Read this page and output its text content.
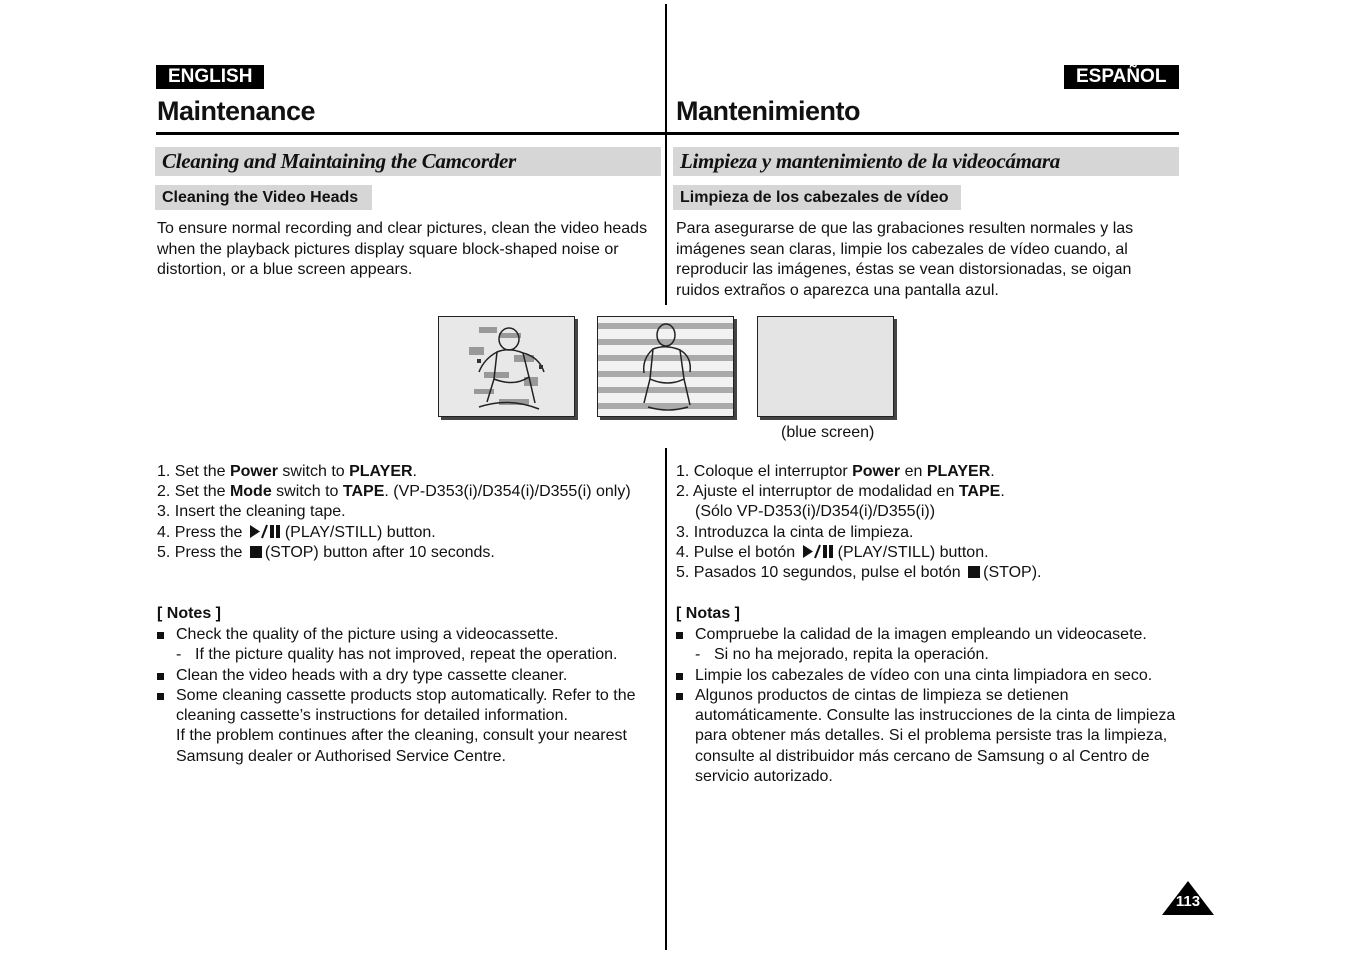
ENGLISH
Maintenance
Cleaning and Maintaining the Camcorder
Cleaning the Video Heads

To ensure normal recording and clear pictures, clean the video heads when the playback pictures display square block-shaped noise or distortion, or a blue screen appears.

ESPAÑOL
Mantenimiento
Limpieza y mantenimiento de la videocámara
Limpieza de los cabezales de vídeo

Para asegurarse de que las grabaciones resulten normales y las imágenes sean claras, limpie los cabezales de vídeo cuando, al reproducir las imágenes, éstas se vean distorsionadas, se oigan ruidos extraños o aparezca una pantalla azul.

(blue screen)
1. Set the Power switch to PLAYER.
2. Set the Mode switch to TAPE. (VP-D353(i)/D354(i)/D355(i) only)
3. Insert the cleaning tape.
4. Press the (PLAY/STILL) button.
5. Press the (STOP) button after 10 seconds.
1. Coloque el interruptor Power en PLAYER.
2. Ajuste el interruptor de modalidad en TAPE.
(Sólo VP-D353(i)/D354(i)/D355(i))
3. Introduzca la cinta de limpieza.
4. Pulse el botón (PLAY/STILL) button.
5. Pasados 10 segundos, pulse el botón (STOP).
[ Notes ]
Check the quality of the picture using a videocassette.
- If the picture quality has not improved, repeat the operation.
Clean the video heads with a dry type cassette cleaner.
Some cleaning cassette products stop automatically. Refer to the cleaning cassette’s instructions for detailed information.
If the problem continues after the cleaning, consult your nearest Samsung dealer or Authorised Service Centre.
[ Notas ]
Compruebe la calidad de la imagen empleando un videocasete.
- Si no ha mejorado, repita la operación.
Limpie los cabezales de vídeo con una cinta limpiadora en seco.
Algunos productos de cintas de limpieza se detienen automáticamente. Consulte las instrucciones de la cinta de limpieza para obtener más detalles. Si el problema persiste tras la limpieza, consulte al distribuidor más cercano de Samsung o al Centro de servicio autorizado.
113
